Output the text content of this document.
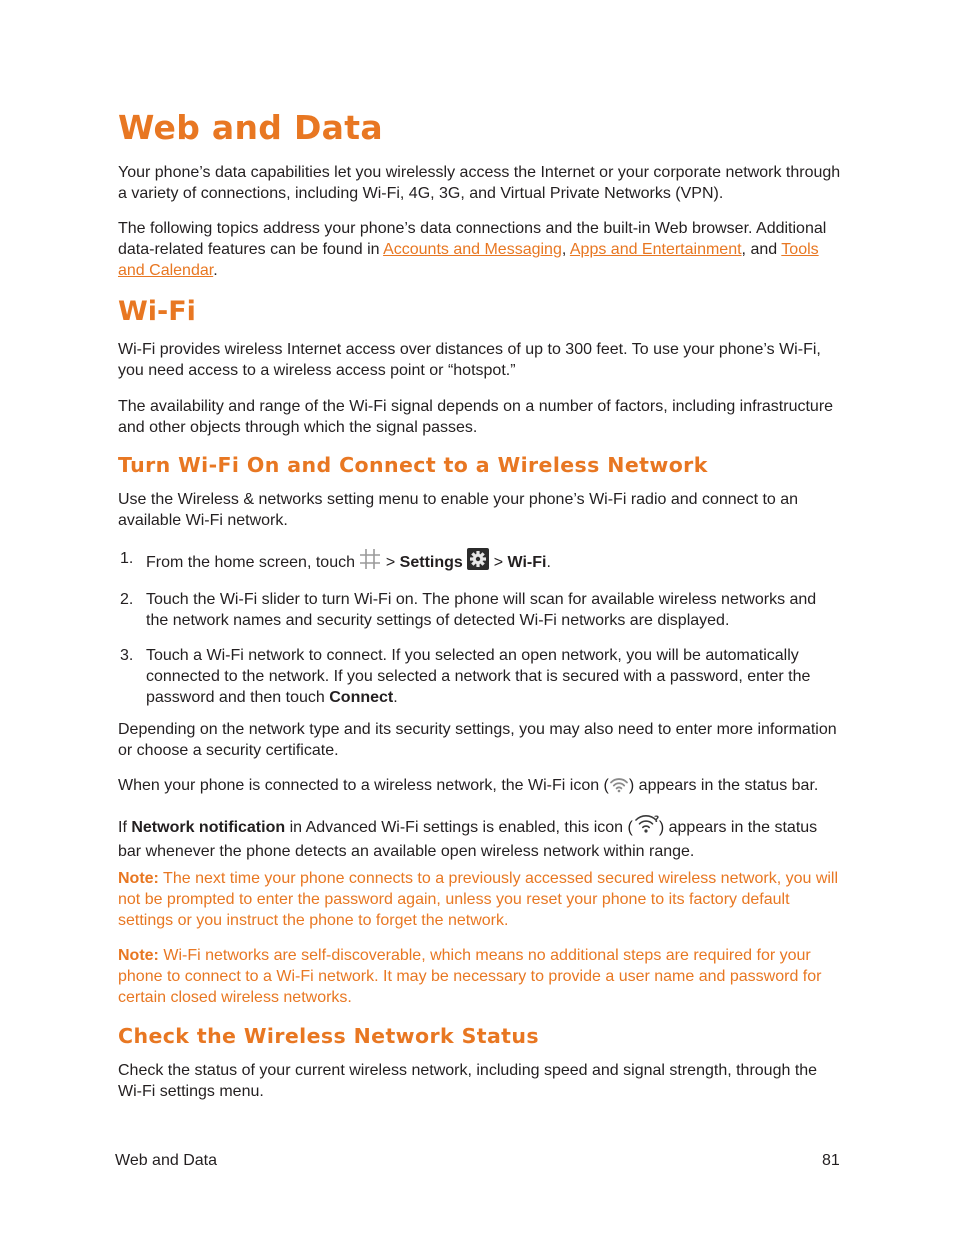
Web and Data

Your phone’s data capabilities let you wirelessly access the Internet or your corporate network through a variety of connections, including Wi-Fi, 4G, 3G, and Virtual Private Networks (VPN).

The following topics address your phone’s data connections and the built-in Web browser. Additional data-related features can be found in Accounts and Messaging, Apps and Entertainment, and Tools and Calendar.

Wi-Fi

Wi-Fi provides wireless Internet access over distances of up to 300 feet. To use your phone’s Wi-Fi, you need access to a wireless access point or “hotspot.”

The availability and range of the Wi-Fi signal depends on a number of factors, including infrastructure and other objects through which the signal passes.

Turn Wi-Fi On and Connect to a Wireless Network

Use the Wireless & networks setting menu to enable your phone’s Wi-Fi radio and connect to an available Wi-Fi network.

1. From the home screen, touch  > Settings  > Wi-Fi.
2. Touch the Wi-Fi slider to turn Wi-Fi on. The phone will scan for available wireless networks and the network names and security settings of detected Wi-Fi networks are displayed.
3. Touch a Wi-Fi network to connect. If you selected an open network, you will be automatically connected to the network. If you selected a network that is secured with a password, enter the password and then touch Connect.

Depending on the network type and its security settings, you may also need to enter more information or choose a security certificate.

When your phone is connected to a wireless network, the Wi-Fi icon ( ) appears in the status bar.

If Network notification in Advanced Wi-Fi settings is enabled, this icon ( ? ) appears in the status bar whenever the phone detects an available open wireless network within range.

Note: The next time your phone connects to a previously accessed secured wireless network, you will not be prompted to enter the password again, unless you reset your phone to its factory default settings or you instruct the phone to forget the network.

Note: Wi-Fi networks are self-discoverable, which means no additional steps are required for your phone to connect to a Wi-Fi network. It may be necessary to provide a user name and password for certain closed wireless networks.

Check the Wireless Network Status

Check the status of your current wireless network, including speed and signal strength, through the Wi-Fi settings menu.

Web and Data	81
